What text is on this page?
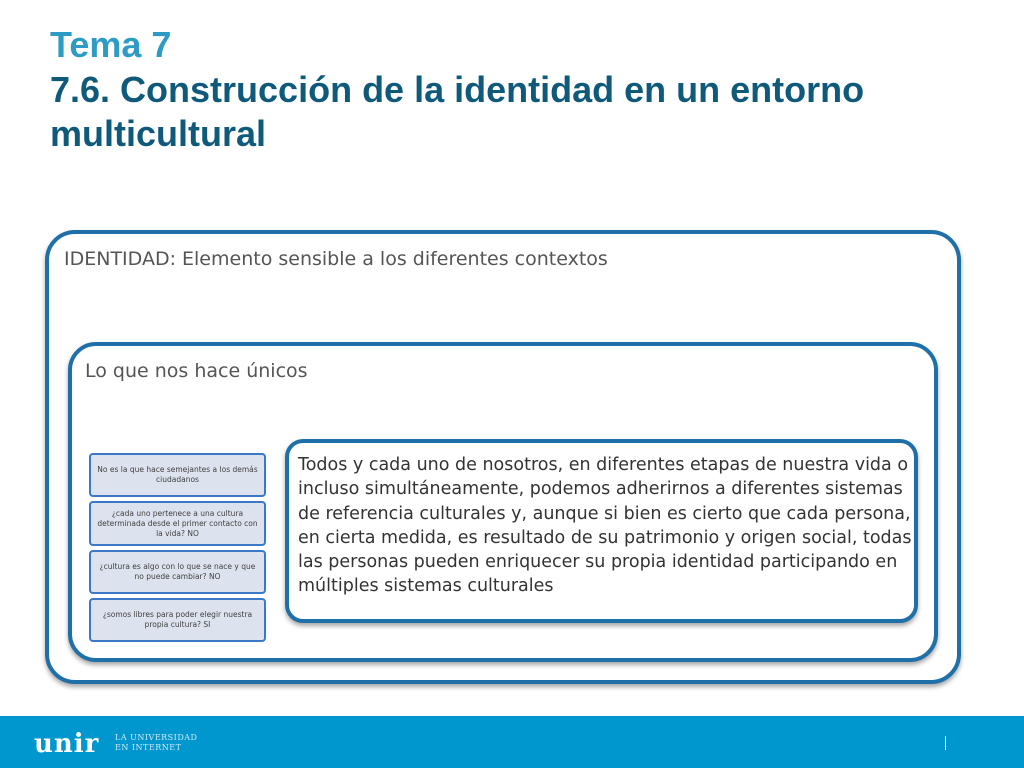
Tema 7
7.6. Construcción de la identidad en un entorno multicultural
IDENTIDAD: Elemento sensible a los diferentes contextos
Lo que nos hace únicos
No es la que hace semejantes a los demás ciudadanos
¿cada uno pertenece a una cultura determinada desde el primer contacto con la vida? NO
¿cultura es algo con lo que se nace y que no puede cambiar? NO
¿somos libres para poder elegir nuestra propia cultura? SI

Todos y cada uno de nosotros, en diferentes etapas de nuestra vida o incluso simultáneamente, podemos adherirnos a diferentes sistemas de referencia culturales y, aunque si bien es cierto que cada persona, en cierta medida, es resultado de su patrimonio y origen social, todas las personas pueden enriquecer su propia identidad participando en múltiples sistemas culturales

unir LA UNIVERSIDAD
EN INTERNET
